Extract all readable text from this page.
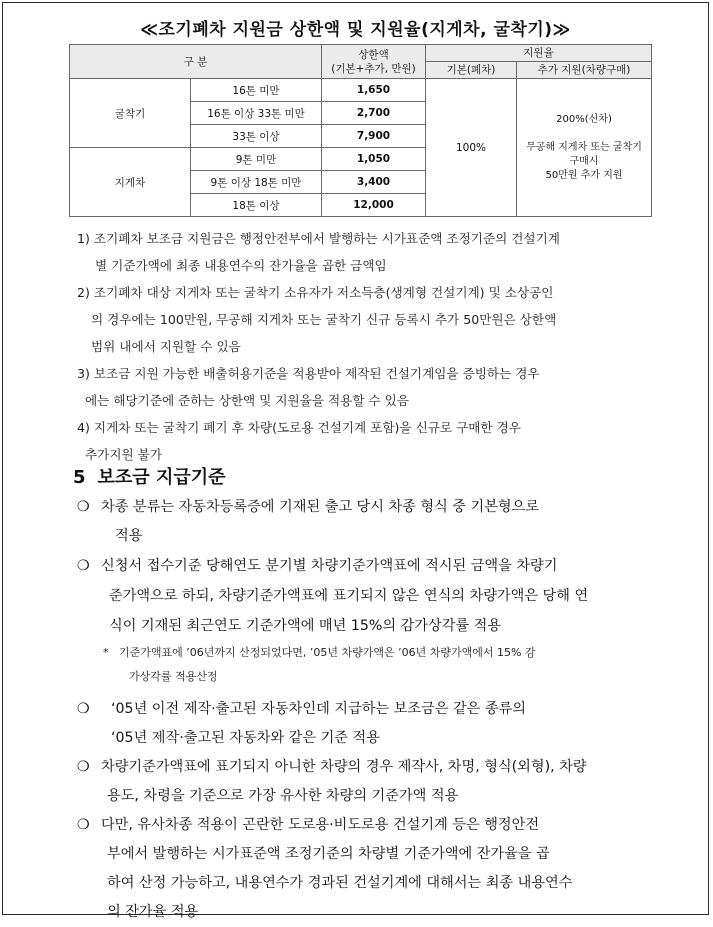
≪조기폐차 지원금 상한액 및 지원율(지게차, 굴착기)≫
구 분		상한액
(기본+추가, 만원)	지원율	
			기본(폐차)	추가 지원(차량구매)
굴착기	16톤 미만	1,650	100%	200%(신차)
무공해 지게차 또는 굴착기
구매시
50만원 추가 지원

	16톤 이상 33톤 미만	2,700		
	33톤 이상	7,900		
지게차	9톤 미만	1,050		
	9톤 이상 18톤 미만	3,400		
	18톤 이상	12,000		

1) 조기폐차 보조금 지원금은 행정안전부에서 발행하는 시가표준액 조정기준의 건설기계
별 기준가액에 최종 내용연수의 잔가율을 곱한 금액임

2) 조기폐차 대상 지게차 또는 굴착기 소유자가 저소득층(생계형 건설기계) 및 소상공인
의 경우에는 100만원, 무공해 지게차 또는 굴착기 신규 등록시 추가 50만원은 상한액
범위 내에서 지원할 수 있음

3) 보조금 지원 가능한 배출허용기준을 적용받아 제작된 건설기계임을 증빙하는 경우
에는 해당기준에 준하는 상한액 및 지원율을 적용할 수 있음

4) 지게차 또는 굴착기 폐기 후 차량(도로용 건설기계 포함)을 신규로 구매한 경우
추가지원 불가

5 보조금 지급기준
❍ 차종 분류는 자동차등록증에 기재된 출고 당시 차종 형식 중 기본형으로
적용
❍ 신청서 접수기준 당해연도 분기별 차량기준가액표에 적시된 금액을 차량기
준가액으로 하되, 차량기준가액표에 표기되지 않은 연식의 차량가액은 당해 연
식이 기재된 최근연도 기준가액에 매년 15%의 감가상각률 적용
* 기준가액표에 ’06년까지 산정되었다면, ’05년 차량가액은 ’06년 차량가액에서 15% 감
가상각률 적용산정
❍	‘05년 이전 제작·출고된 자동차인데 지급하는 보조금은 같은 종류의
‘05년 제작·출고된 자동차와 같은 기준 적용
❍ 차량기준가액표에 표기되지 아니한 차량의 경우 제작사, 차명, 형식(외형), 차량
용도, 차령을 기준으로 가장 유사한 차량의 기준가액 적용
❍ 다만, 유사차종 적용이 곤란한 도로용·비도로용 건설기계 등은 행정안전
부에서 발행하는 시가표준액 조정기준의 차량별 기준가액에 잔가율을 곱
하여 산정 가능하고, 내용연수가 경과된 건설기계에 대해서는 최종 내용연수
의 잔가율 적용
